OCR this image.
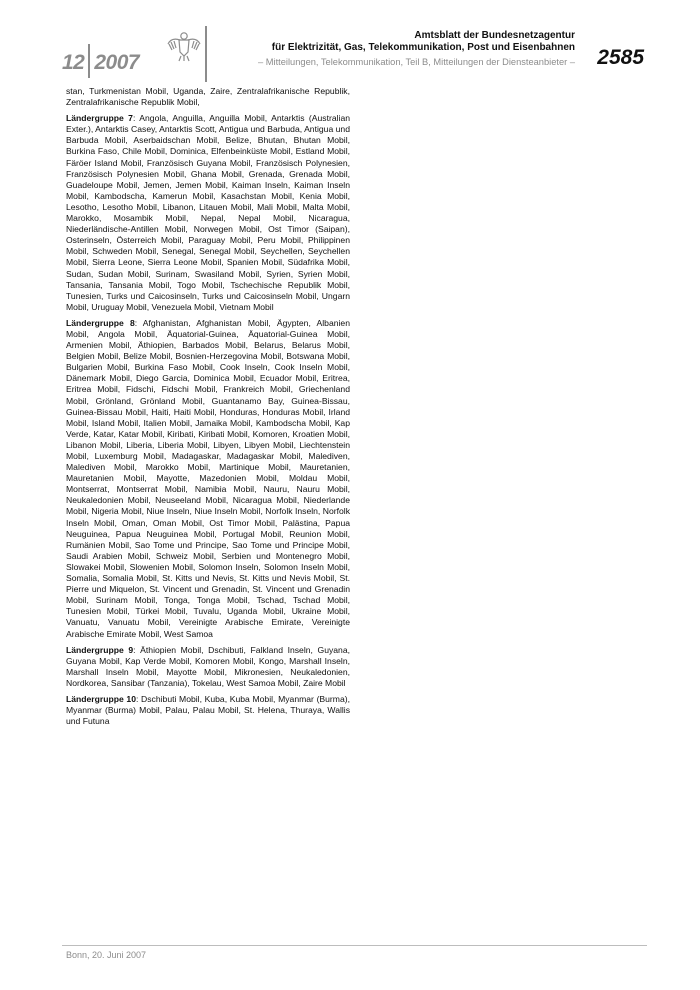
12 2007
Amtsblatt der Bundesnetzagentur
für Elektrizität, Gas, Telekommunikation, Post und Eisenbahnen
– Mitteilungen, Telekommunikation, Teil B, Mitteilungen der Diensteanbieter – 2585

stan, Turkmenistan Mobil, Uganda, Zaire, Zentralafrikanische Republik, Zentralafrikanische Republik Mobil,

Ländergruppe 7: Angola, Anguilla, Anguilla Mobil, Antarktis (Australian Exter.), Antarktis Casey, Antarktis Scott, Antigua und Barbuda, Antigua und Barbuda Mobil, Aserbaidschan Mobil, Belize, Bhutan, Bhutan Mobil, Burkina Faso, Chile Mobil, Dominica, Elfenbeinküste Mobil, Estland Mobil, Färöer Island Mobil, Französisch Guyana Mobil, Französisch Polynesien, Französisch Polynesien Mobil, Ghana Mobil, Grenada, Grenada Mobil, Guadeloupe Mobil, Jemen, Jemen Mobil, Kaiman Inseln, Kaiman Inseln Mobil, Kambodscha, Kamerun Mobil, Kasachstan Mobil, Kenia Mobil, Lesotho, Lesotho Mobil, Libanon, Litauen Mobil, Mali Mobil, Malta Mobil, Marokko, Mosambik Mobil, Nepal, Nepal Mobil, Nicaragua, Niederländische-Antillen Mobil, Norwegen Mobil, Ost Timor (Saipan), Osterinseln, Österreich Mobil, Paraguay Mobil, Peru Mobil, Philippinen Mobil, Schweden Mobil, Senegal, Senegal Mobil, Seychellen, Seychellen Mobil, Sierra Leone, Sierra Leone Mobil, Spanien Mobil, Südafrika Mobil, Sudan, Sudan Mobil, Surinam, Swasiland Mobil, Syrien, Syrien Mobil, Tansania, Tansania Mobil, Togo Mobil, Tschechische Republik Mobil, Tunesien, Turks und Caicosinseln, Turks und Caicosinseln Mobil, Ungarn Mobil, Uruguay Mobil, Venezuela Mobil, Vietnam Mobil

Ländergruppe 8: Afghanistan, Afghanistan Mobil, Ägypten, Albanien Mobil, Angola Mobil, Äquatorial-Guinea, Äquatorial-Guinea Mobil, Armenien Mobil, Äthiopien, Barbados Mobil, Belarus, Belarus Mobil, Belgien Mobil, Belize Mobil, Bosnien-Herzegovina Mobil, Botswana Mobil, Bulgarien Mobil, Burkina Faso Mobil, Cook Inseln, Cook Inseln Mobil, Dänemark Mobil, Diego Garcia, Dominica Mobil, Ecuador Mobil, Eritrea, Eritrea Mobil, Fidschi, Fidschi Mobil, Frankreich Mobil, Griechenland Mobil, Grönland, Grönland Mobil, Guantanamo Bay, Guinea-Bissau, Guinea-Bissau Mobil, Haiti, Haiti Mobil, Honduras, Honduras Mobil, Irland Mobil, Island Mobil, Italien Mobil, Jamaika Mobil, Kambodscha Mobil, Kap Verde, Katar, Katar Mobil, Kiribati, Kiribati Mobil, Komoren, Kroatien Mobil, Libanon Mobil, Liberia, Liberia Mobil, Libyen, Libyen Mobil, Liechtenstein Mobil, Luxemburg Mobil, Madagaskar, Madagaskar Mobil, Malediven, Malediven Mobil, Marokko Mobil, Martinique Mobil, Mauretanien, Mauretanien Mobil, Mayotte, Mazedonien Mobil, Moldau Mobil, Montserrat, Montserrat Mobil, Namibia Mobil, Nauru, Nauru Mobil, Neukaledonien Mobil, Neuseeland Mobil, Nicaragua Mobil, Niederlande Mobil, Nigeria Mobil, Niue Inseln, Niue Inseln Mobil, Norfolk Inseln, Norfolk Inseln Mobil, Oman, Oman Mobil, Ost Timor Mobil, Palästina, Papua Neuguinea, Papua Neuguinea Mobil, Portugal Mobil, Reunion Mobil, Rumänien Mobil, Sao Tome und Principe, Sao Tome und Principe Mobil, Saudi Arabien Mobil, Schweiz Mobil, Serbien und Montenegro Mobil, Slowakei Mobil, Slowenien Mobil, Solomon Inseln, Solomon Inseln Mobil, Somalia, Somalia Mobil, St. Kitts und Nevis, St. Kitts und Nevis Mobil, St. Pierre und Miquelon, St. Vincent und Grenadin, St. Vincent und Grenadin Mobil, Surinam Mobil, Tonga, Tonga Mobil, Tschad, Tschad Mobil, Tunesien Mobil, Türkei Mobil, Tuvalu, Uganda Mobil, Ukraine Mobil, Vanuatu, Vanuatu Mobil, Vereinigte Arabische Emirate, Vereinigte Arabische Emirate Mobil, West Samoa

Ländergruppe 9: Äthiopien Mobil, Dschibuti, Falkland Inseln, Guyana, Guyana Mobil, Kap Verde Mobil, Komoren Mobil, Kongo, Marshall Inseln, Marshall Inseln Mobil, Mayotte Mobil, Mikronesien, Neukaledonien, Nordkorea, Sansibar (Tanzania), Tokelau, West Samoa Mobil, Zaire Mobil

Ländergruppe 10: Dschibuti Mobil, Kuba, Kuba Mobil, Myanmar (Burma), Myanmar (Burma) Mobil, Palau, Palau Mobil, St. Helena, Thuraya, Wallis und Futuna

Bonn, 20. Juni 2007
